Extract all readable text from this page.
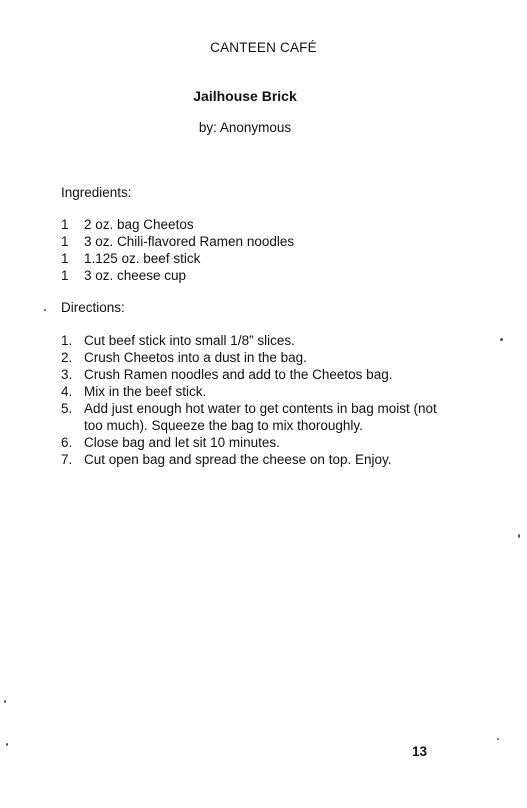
CANTEEN CAFÉ
Jailhouse Brick
by: Anonymous
Ingredients:
1	2 oz. bag Cheetos
1	3 oz. Chili-flavored Ramen noodles
1	1.125 oz. beef stick
1	3 oz. cheese cup
Directions:
1. Cut beef stick into small 1/8” slices.
2. Crush Cheetos into a dust in the bag.
3. Crush Ramen noodles and add to the Cheetos bag.
4. Mix in the beef stick.
5. Add just enough hot water to get contents in bag moist (not too much). Squeeze the bag to mix thoroughly.
6. Close bag and let sit 10 minutes.
7. Cut open bag and spread the cheese on top. Enjoy.
13
